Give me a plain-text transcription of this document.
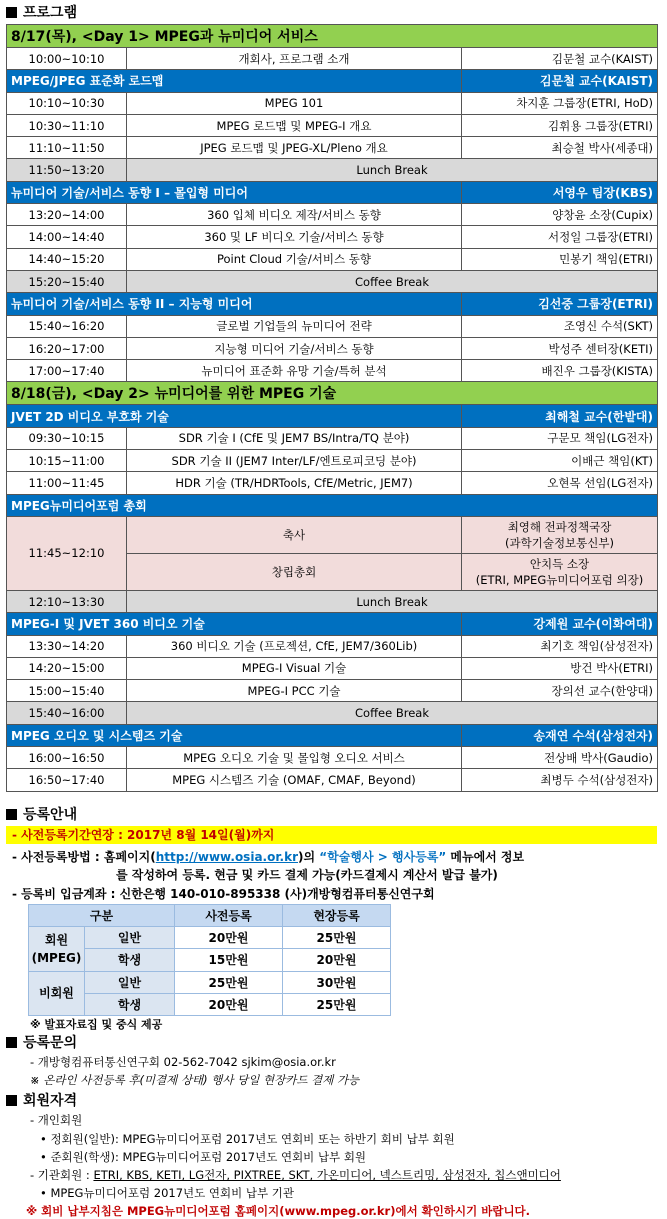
프로그램
8/17(목), <Day 1> MPEG과 뉴미디어 서비스		
10:00~10:10	개회사, 프로그램 소개	김문철 교수(KAIST)
MPEG/JPEG 표준화 로드맵		김문철 교수(KAIST)
10:10~10:30	MPEG 101	차지훈 그룹장(ETRI, HoD)
10:30~11:10	MPEG 로드맵 및 MPEG-I 개요	김휘용 그룹장(ETRI)
11:10~11:50	JPEG 로드맵 및 JPEG-XL/Pleno 개요	최승철 박사(세종대)
11:50~13:20	Lunch Break	
뉴미디어 기술/서비스 동향 I – 몰입형 미디어		서영우 팀장(KBS)
13:20~14:00	360 입체 비디오 제작/서비스 동향	양창윤 소장(Cupix)
14:00~14:40	360 및 LF 비디오 기술/서비스 동향	서정일 그룹장(ETRI)
14:40~15:20	Point Cloud 기술/서비스 동향	민봉기 책임(ETRI)
15:20~15:40	Coffee Break	
뉴미디어 기술/서비스 동향 II – 지능형 미디어		김선중 그룹장(ETRI)
15:40~16:20	글로벌 기업들의 뉴미디어 전략	조영신 수석(SKT)
16:20~17:00	지능형 미디어 기술/서비스 동향	박성주 센터장(KETI)
17:00~17:40	뉴미디어 표준화 유망 기술/특허 분석	배진우 그룹장(KISTA)
8/18(금), <Day 2> 뉴미디어를 위한 MPEG 기술		
JVET 2D 비디오 부호화 기술		최해철 교수(한밭대)
09:30~10:15	SDR 기술 I (CfE 및 JEM7 BS/Intra/TQ 분야)	구문모 책임(LG전자)
10:15~11:00	SDR 기술 II (JEM7 Inter/LF/엔트로피코딩 분야)	이배근 책임(KT)
11:00~11:45	HDR 기술 (TR/HDRTools, CfE/Metric, JEM7)	오현목 선임(LG전자)
MPEG뉴미디어포럼 총회		
11:45~12:10	축사	최영해 전파정책국장
(과학기술정보통신부)

	창립총회	안치득 소장
(ETRI, MPEG뉴미디어포럼 의장)

12:10~13:30	Lunch Break	
MPEG-I 및 JVET 360 비디오 기술		강제원 교수(이화여대)
13:30~14:20	360 비디오 기술 (프로젝션, CfE, JEM7/360Lib)	최기호 책임(삼성전자)
14:20~15:00	MPEG-I Visual 기술	방건 박사(ETRI)
15:00~15:40	MPEG-I PCC 기술	장의선 교수(한양대)
15:40~16:00	Coffee Break	
MPEG 오디오 및 시스템즈 기술		송재연 수석(삼성전자)
16:00~16:50	MPEG 오디오 기술 및 몰입형 오디오 서비스	전상배 박사(Gaudio)
16:50~17:40	MPEG 시스템즈 기술 (OMAF, CMAF, Beyond)	최병두 수석(삼성전자)
등록안내
- 사전등록기간연장 : 2017년 8월 14일(월)까지
- 사전등록방법 : 홈페이지(http://www.osia.or.kr)의 “학술행사 > 행사등록” 메뉴에서 정보
를 작성하여 등록. 현금 및 카드 결제 가능(카드결제시 계산서 발급 불가)
- 등록비 입금계좌 : 신한은행 140-010-895338 (사)개방형컴퓨터통신연구회
구분		사전등록	현장등록

회원
(MPEG)	일반	20만원	25만원
	학생	15만원	20만원
비회원	일반	25만원	30만원
	학생	20만원	25만원
※ 발표자료집 및 중식 제공
등록문의
- 개방형컴퓨터통신연구회 02-562-7042 sjkim@osia.or.kr
※ 온라인 사전등록 후(미결제 상태) 행사 당일 현장카드 결제 가능
회원자격
- 개인회원
• 정회원(일반): MPEG뉴미디어포럼 2017년도 연회비 또는 하반기 회비 납부 회원
• 준회원(학생): MPEG뉴미디어포럼 2017년도 연회비 납부 회원
- 기관회원 : ETRI, KBS, KETI, LG전자, PIXTREE, SKT, 가온미디어, 넥스트리밍, 삼성전자, 칩스앤미디어
• MPEG뉴미디어포럼 2017년도 연회비 납부 기관
※ 회비 납부지침은 MPEG뉴미디어포럼 홈페이지(www.mpeg.or.kr)에서 확인하시기 바랍니다.
